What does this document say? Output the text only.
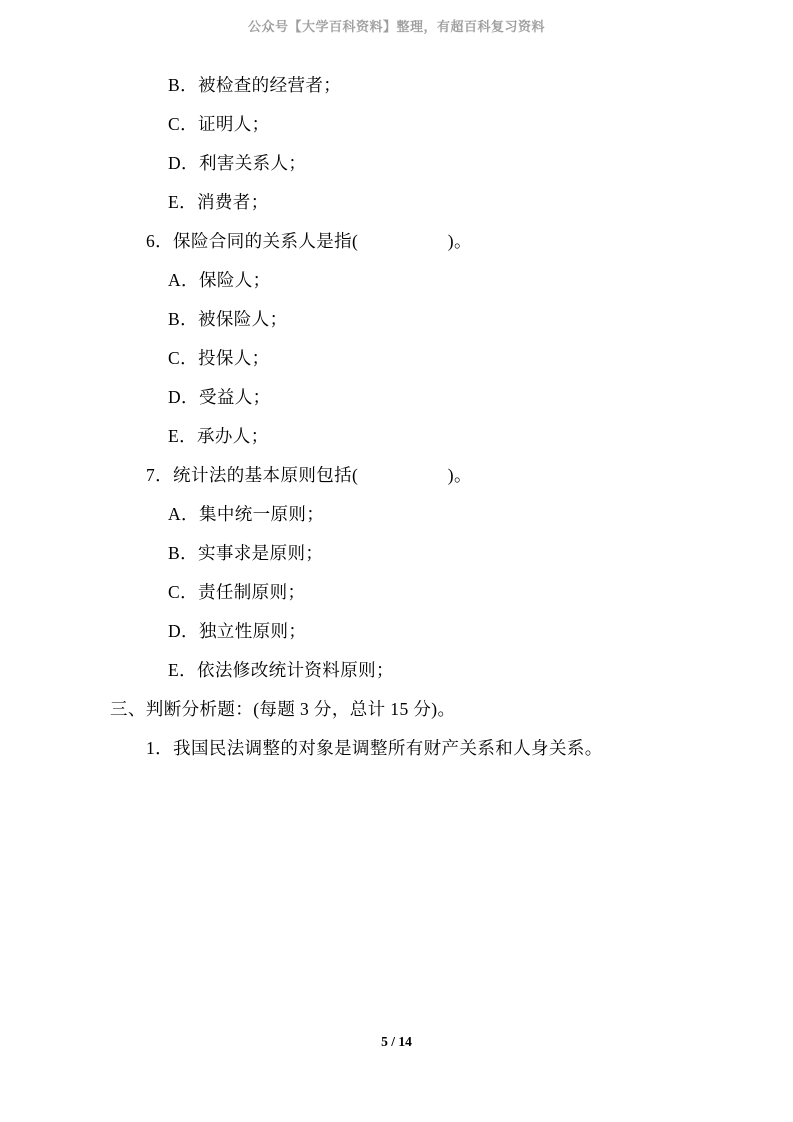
公众号【大学百科资料】整理，有超百科复习资料
B．被检查的经营者；
C．证明人；
D．利害关系人；
E．消费者；
6．保险合同的关系人是指(　　　　　)。
A．保险人；
B．被保险人；
C．投保人；
D．受益人；
E．承办人；
7．统计法的基本原则包括(　　　　　)。
A．集中统一原则；
B．实事求是原则；
C．责任制原则；
D．独立性原则；
E．依法修改统计资料原则；
三、判断分析题：(每题 3 分，总计 15 分)。
1．我国民法调整的对象是调整所有财产关系和人身关系。
5 / 14
